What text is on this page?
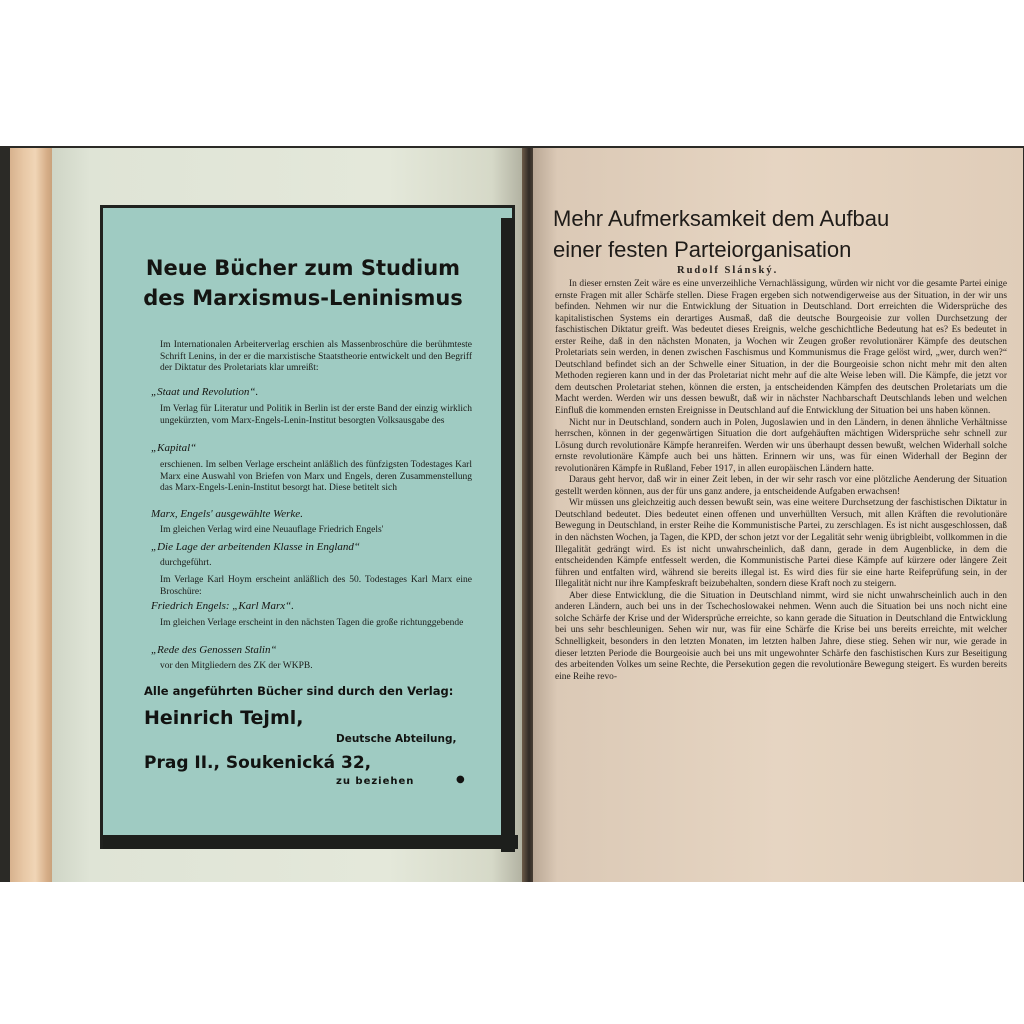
Neue Bücher zum Studium
des Marxismus-Leninismus
Im Internationalen Arbeiterverlag erschien als Massenbroschüre die berühmteste Schrift Lenins, in der er die marxistische Staatstheorie entwickelt und den Begriff der Diktatur des Proletariats klar umreißt:
„Staat und Revolution“.
Im Verlag für Literatur und Politik in Berlin ist der erste Band der einzig wirklich ungekürzten, vom Marx-Engels-Lenin-Institut besorgten Volksausgabe des
„Kapital“
erschienen. Im selben Verlage erscheint anläßlich des fünfzigsten Todestages Karl Marx eine Auswahl von Briefen von Marx und Engels, deren Zusammenstellung das Marx-Engels-Lenin-Institut besorgt hat. Diese betitelt sich
Marx, Engels' ausgewählte Werke.
Im gleichen Verlag wird eine Neuauflage Friedrich Engels'
„Die Lage der arbeitenden Klasse in England“
durchgeführt.
Im Verlage Karl Hoym erscheint anläßlich des 50. Todestages Karl Marx eine Broschüre:
Friedrich Engels: „Karl Marx“.
Im gleichen Verlage erscheint in den nächsten Tagen die große richtunggebende
„Rede des Genossen Stalin“
vor den Mitgliedern des ZK der WKPB.
Alle angeführten Bücher sind durch den Verlag:
Heinrich Tejml,
Deutsche Abteilung,
Prag II., Soukenická 32,
zu beziehen	●
Mehr Aufmerksamkeit dem Aufbau
einer festen Parteiorganisation
Rudolf Slánský.

In dieser ernsten Zeit wäre es eine unverzeihliche Vernachlässigung, würden wir nicht vor die gesamte Partei einige ernste Fragen mit aller Schärfe stellen. Diese Fragen ergeben sich notwendigerweise aus der Situation, in der wir uns befinden. Nehmen wir nur die Entwicklung der Situation in Deutschland. Dort erreichten die Widersprüche des kapitalistischen Systems ein derartiges Ausmaß, daß die deutsche Bourgeoisie zur vollen Durchsetzung der faschistischen Diktatur greift. Was bedeutet dieses Ereignis, welche geschichtliche Bedeutung hat es? Es bedeutet in erster Reihe, daß in den nächsten Monaten, ja Wochen wir Zeugen großer revolutionärer Kämpfe des deutschen Proletariats sein werden, in denen zwischen Faschismus und Kommunismus die Frage gelöst wird, „wer, durch wen?“ Deutschland befindet sich an der Schwelle einer Situation, in der die Bourgeoisie schon nicht mehr mit den alten Methoden regieren kann und in der das Proletariat nicht mehr auf die alte Weise leben will. Die Kämpfe, die jetzt vor dem deutschen Proletariat stehen, können die ersten, ja entscheidenden Kämpfen des deutschen Proletariats um die Macht werden. Werden wir uns dessen bewußt, daß wir in nächster Nachbarschaft Deutschlands leben und welchen Einfluß die kommenden ernsten Ereignisse in Deutschland auf die Entwicklung der Situation bei uns haben können.

Nicht nur in Deutschland, sondern auch in Polen, Jugoslawien und in den Ländern, in denen ähnliche Verhältnisse herrschen, können in der gegenwärtigen Situation die dort aufgehäuften mächtigen Widersprüche sehr schnell zur Lösung durch revolutionäre Kämpfe heranreifen. Werden wir uns überhaupt dessen bewußt, welchen Widerhall solche ernste revolutionäre Kämpfe auch bei uns hätten. Erinnern wir uns, was für einen Widerhall der Beginn der revolutionären Kämpfe in Rußland, Feber 1917, in allen europäischen Ländern hatte.

Daraus geht hervor, daß wir in einer Zeit leben, in der wir sehr rasch vor eine plötzliche Aenderung der Situation gestellt werden können, aus der für uns ganz andere, ja entscheidende Aufgaben erwachsen!

Wir müssen uns gleichzeitig auch dessen bewußt sein, was eine weitere Durchsetzung der faschistischen Diktatur in Deutschland bedeutet. Dies bedeutet einen offenen und unverhüllten Versuch, mit allen Kräften die revolutionäre Bewegung in Deutschland, in erster Reihe die Kommunistische Partei, zu zerschlagen. Es ist nicht ausgeschlossen, daß in den nächsten Wochen, ja Tagen, die KPD, der schon jetzt vor der Legalität sehr wenig übrigbleibt, vollkommen in die Illegalität gedrängt wird. Es ist nicht unwahrscheinlich, daß dann, gerade in dem Augenblicke, in dem die entscheidenden Kämpfe entfesselt werden, die Kommunistische Partei diese Kämpfe auf kürzere oder längere Zeit führen und entfalten wird, während sie bereits illegal ist. Es wird dies für sie eine harte Reifeprüfung sein, in der Illegalität nicht nur ihre Kampfeskraft beizubehalten, sondern diese Kraft noch zu steigern.

Aber diese Entwicklung, die die Situation in Deutschland nimmt, wird sie nicht unwahrscheinlich auch in den anderen Ländern, auch bei uns in der Tschechoslowakei nehmen. Wenn auch die Situation bei uns noch nicht eine solche Schärfe der Krise und der Widersprüche erreichte, so kann gerade die Situation in Deutschland die Entwicklung bei uns sehr beschleunigen. Sehen wir nur, was für eine Schärfe die Krise bei uns bereits erreichte, mit welcher Schnelligkeit, besonders in den letzten Monaten, im letzten halben Jahre, diese stieg. Sehen wir nur, wie gerade in dieser letzten Periode die Bourgeoisie auch bei uns mit ungewohnter Schärfe den faschistischen Kurs zur Beseitigung des arbeitenden Volkes um seine Rechte, die Persekution gegen die revolutionäre Bewegung steigert. Es wurden bereits eine Reihe revo-
